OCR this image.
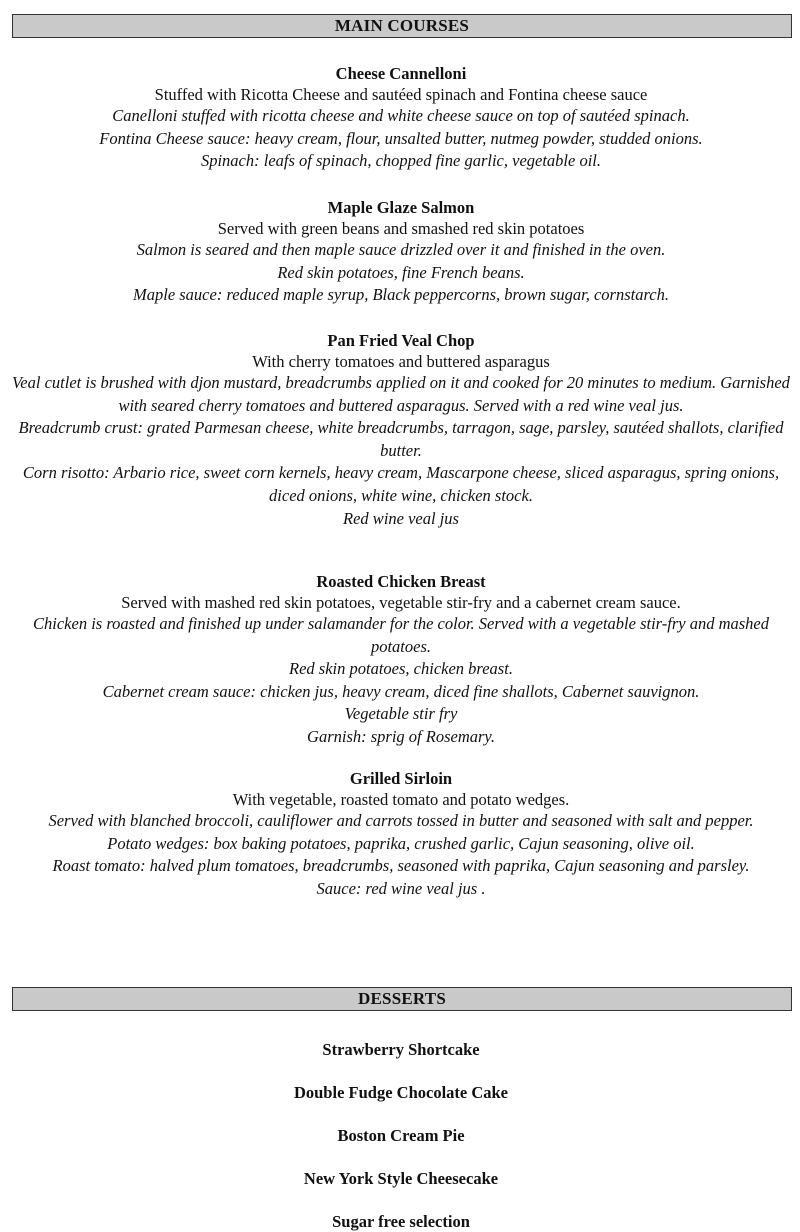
MAIN COURSES
Cheese Cannelloni
Stuffed with Ricotta Cheese and sautéed spinach and Fontina cheese sauce

Canelloni stuffed with ricotta cheese and white cheese sauce on top of sautéed spinach.

Fontina Cheese sauce: heavy cream, flour, unsalted butter, nutmeg powder, studded onions.

Spinach: leafs of spinach, chopped fine garlic, vegetable oil.

Maple Glaze Salmon
Served with green beans and smashed red skin potatoes

Salmon is seared and then maple sauce drizzled over it and finished in the oven.

Red skin potatoes, fine French beans.

Maple sauce: reduced maple syrup, Black peppercorns, brown sugar, cornstarch.

Pan Fried Veal Chop
With cherry tomatoes and buttered asparagus

Veal cutlet is brushed with djon mustard, breadcrumbs applied on it and cooked for 20 minutes to medium. Garnished with seared cherry tomatoes and buttered asparagus. Served with a red wine veal jus.

Breadcrumb crust: grated Parmesan cheese, white breadcrumbs, tarragon, sage, parsley, sautéed shallots, clarified butter.

Corn risotto: Arbario rice, sweet corn kernels, heavy cream, Mascarpone cheese, sliced asparagus, spring onions, diced onions, white wine, chicken stock.

Red wine veal jus

Roasted Chicken Breast
Served with mashed red skin potatoes, vegetable stir-fry and a cabernet cream sauce.

Chicken is roasted and finished up under salamander for the color. Served with a vegetable stir-fry and mashed potatoes.

Red skin potatoes, chicken breast.

Cabernet cream sauce: chicken jus, heavy cream, diced fine shallots, Cabernet sauvignon.

Vegetable stir fry

Garnish: sprig of Rosemary.

Grilled Sirloin
With vegetable, roasted tomato and potato wedges.

Served with blanched broccoli, cauliflower and carrots tossed in butter and seasoned with salt and pepper.

Potato wedges: box baking potatoes, paprika, crushed garlic, Cajun seasoning, olive oil.

Roast tomato: halved plum tomatoes, breadcrumbs, seasoned with paprika, Cajun seasoning and parsley.

Sauce: red wine veal jus .

DESSERTS
Strawberry Shortcake
Double Fudge Chocolate Cake
Boston Cream Pie
New York Style Cheesecake
Sugar free selection
